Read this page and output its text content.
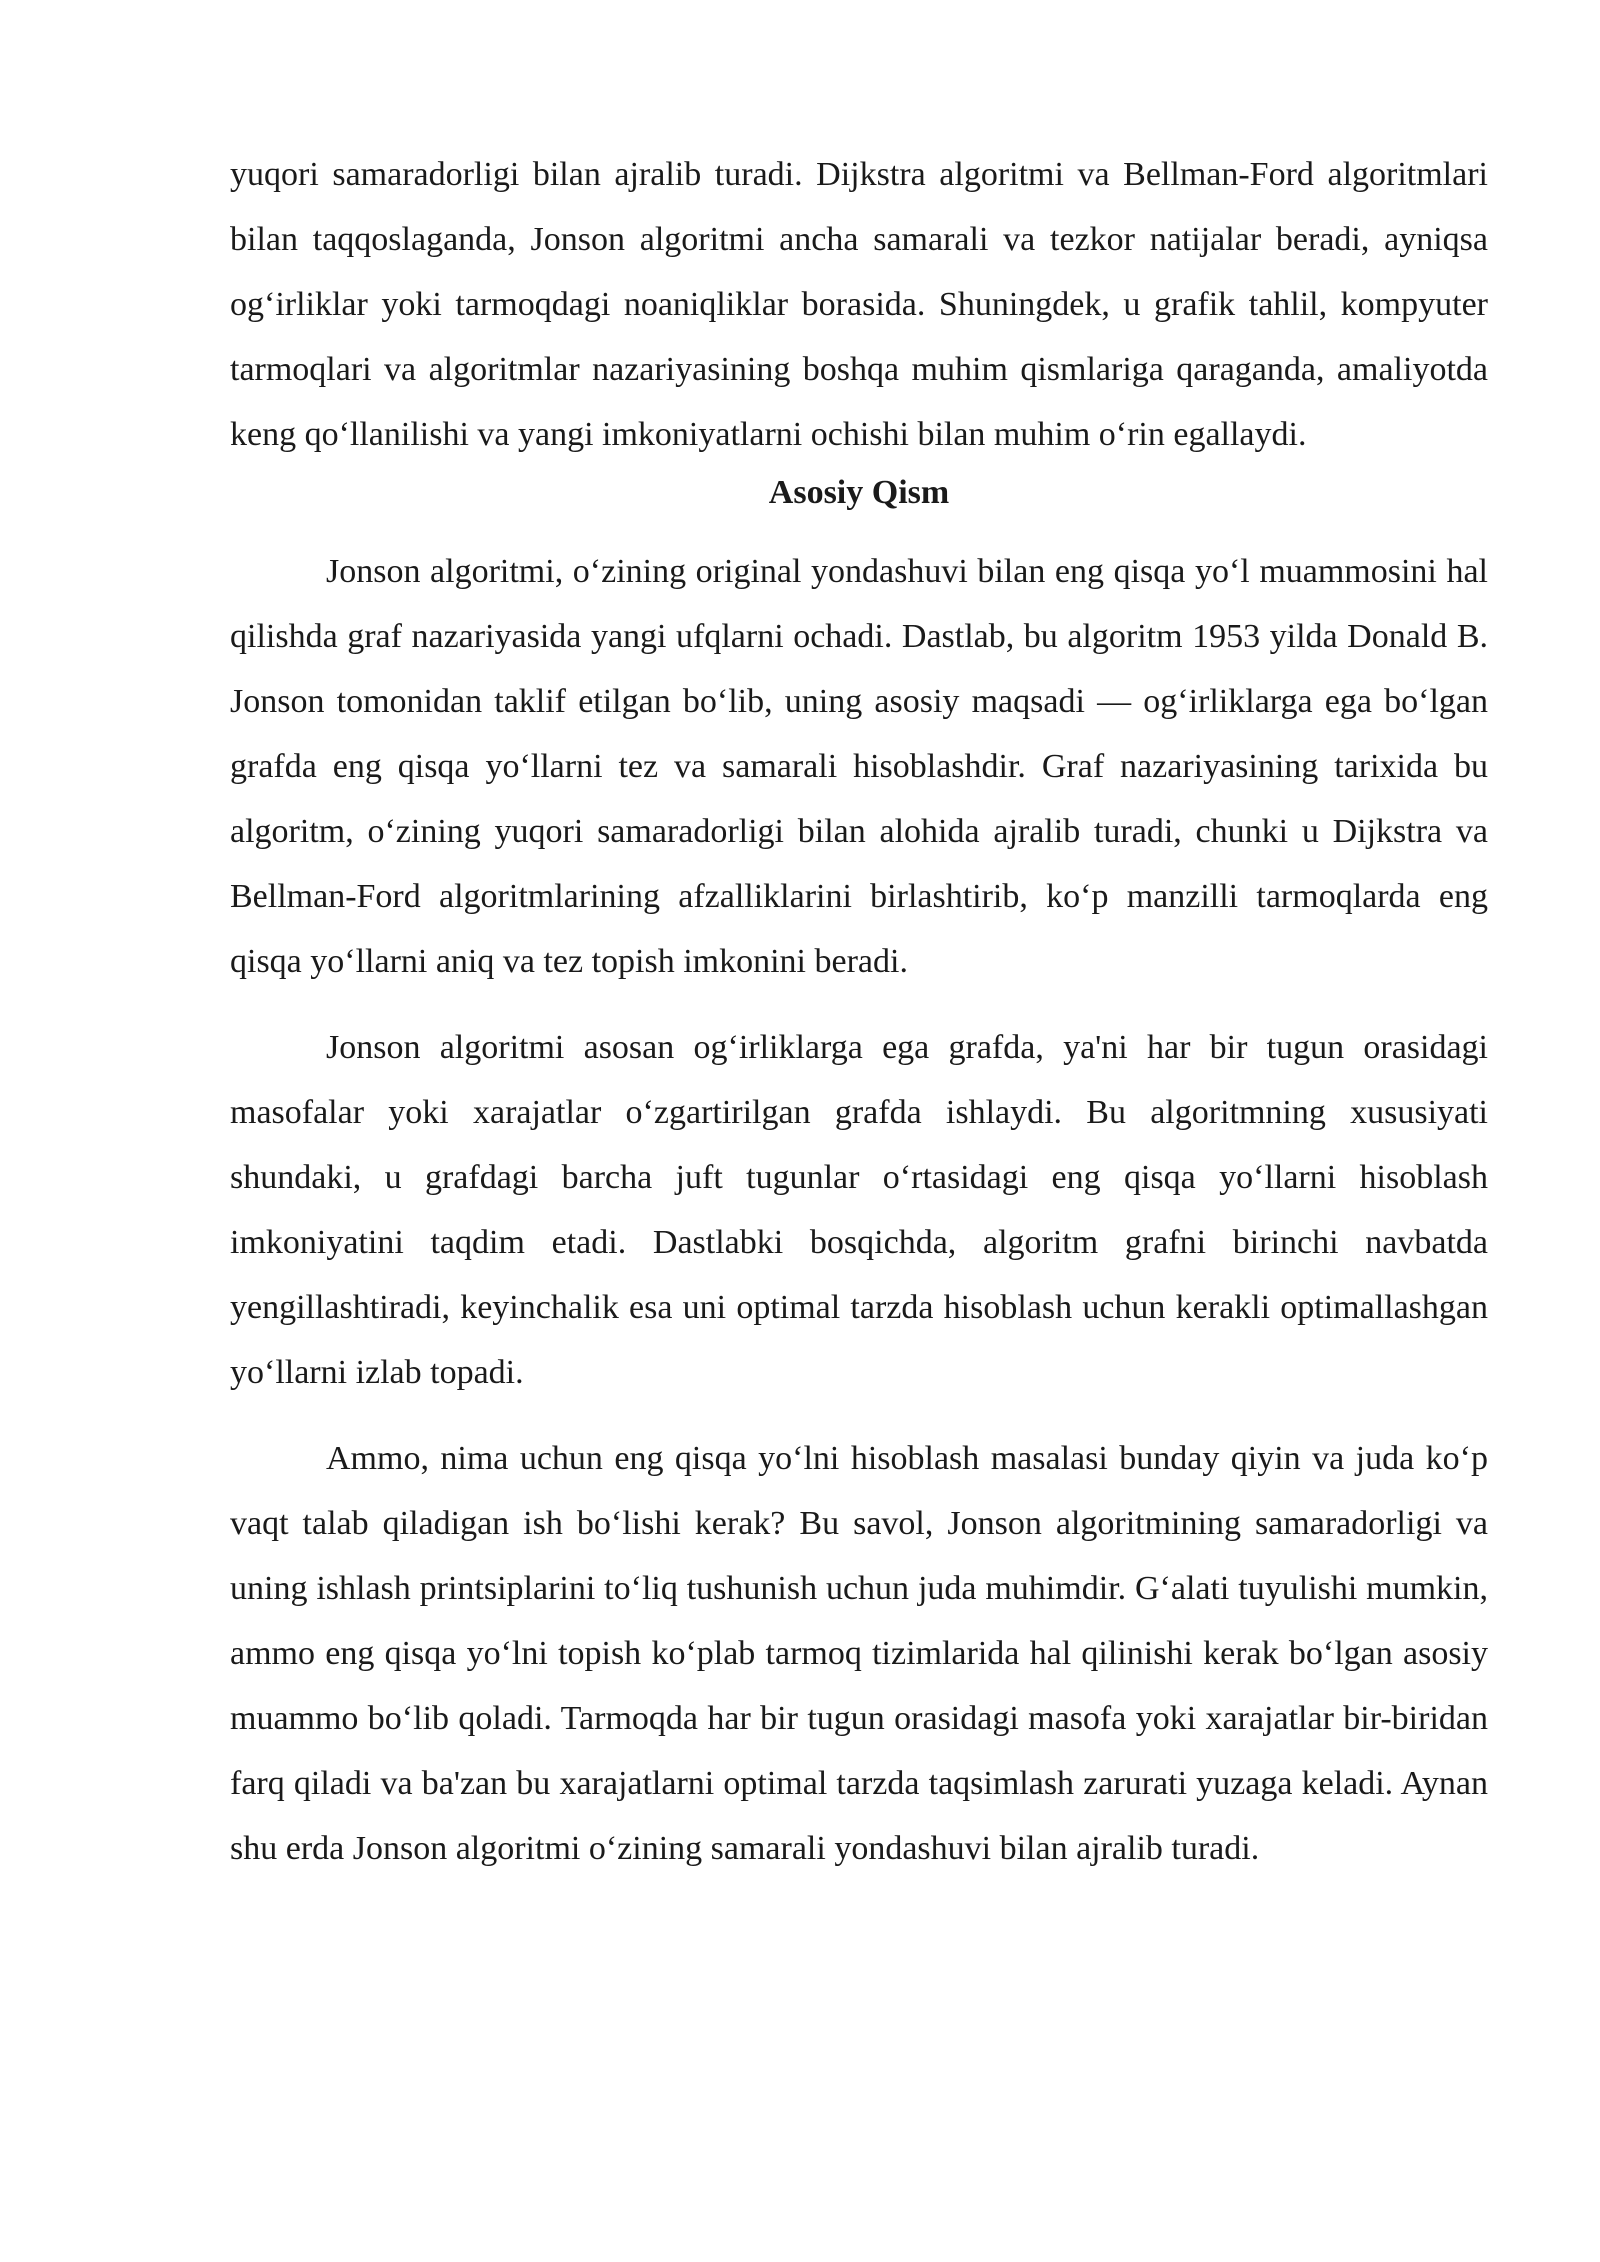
yuqori samaradorligi bilan ajralib turadi. Dijkstra algoritmi va Bellman-Ford algoritmlari bilan taqqoslaganda, Jonson algoritmi ancha samarali va tezkor natijalar beradi, ayniqsa og‘irliklar yoki tarmoqdagi noaniqliklar borasida. Shuningdek, u grafik tahlil, kompyuter tarmoqlari va algoritmlar nazariyasining boshqa muhim qismlariga qaraganda, amaliyotda keng qo‘llanilishi va yangi imkoniyatlarni ochishi bilan muhim o‘rin egallaydi.

Asosiy Qism

Jonson algoritmi, o‘zining original yondashuvi bilan eng qisqa yo‘l muammosini hal qilishda graf nazariyasida yangi ufqlarni ochadi. Dastlab, bu algoritm 1953 yilda Donald B. Jonson tomonidan taklif etilgan bo‘lib, uning asosiy maqsadi — og‘irliklarga ega bo‘lgan grafda eng qisqa yo‘llarni tez va samarali hisoblashdir. Graf nazariyasining tarixida bu algoritm, o‘zining yuqori samaradorligi bilan alohida ajralib turadi, chunki u Dijkstra va Bellman-Ford algoritmlarining afzalliklarini birlashtirib, ko‘p manzilli tarmoqlarda eng qisqa yo‘llarni aniq va tez topish imkonini beradi.

Jonson algoritmi asosan og‘irliklarga ega grafda, ya'ni har bir tugun orasidagi masofalar yoki xarajatlar o‘zgartirilgan grafda ishlaydi. Bu algoritmning xususiyati shundaki, u grafdagi barcha juft tugunlar o‘rtasidagi eng qisqa yo‘llarni hisoblash imkoniyatini taqdim etadi. Dastlabki bosqichda, algoritm grafni birinchi navbatda yengillashtiradi, keyinchalik esa uni optimal tarzda hisoblash uchun kerakli optimallashgan yo‘llarni izlab topadi.

Ammo, nima uchun eng qisqa yo‘lni hisoblash masalasi bunday qiyin va juda ko‘p vaqt talab qiladigan ish bo‘lishi kerak? Bu savol, Jonson algoritmining samaradorligi va uning ishlash printsiplarini to‘liq tushunish uchun juda muhimdir. G‘alati tuyulishi mumkin, ammo eng qisqa yo‘lni topish ko‘plab tarmoq tizimlarida hal qilinishi kerak bo‘lgan asosiy muammo bo‘lib qoladi. Tarmoqda har bir tugun orasidagi masofa yoki xarajatlar bir-biridan farq qiladi va ba'zan bu xarajatlarni optimal tarzda taqsimlash zarurati yuzaga keladi. Aynan shu erda Jonson algoritmi o‘zining samarali yondashuvi bilan ajralib turadi.
